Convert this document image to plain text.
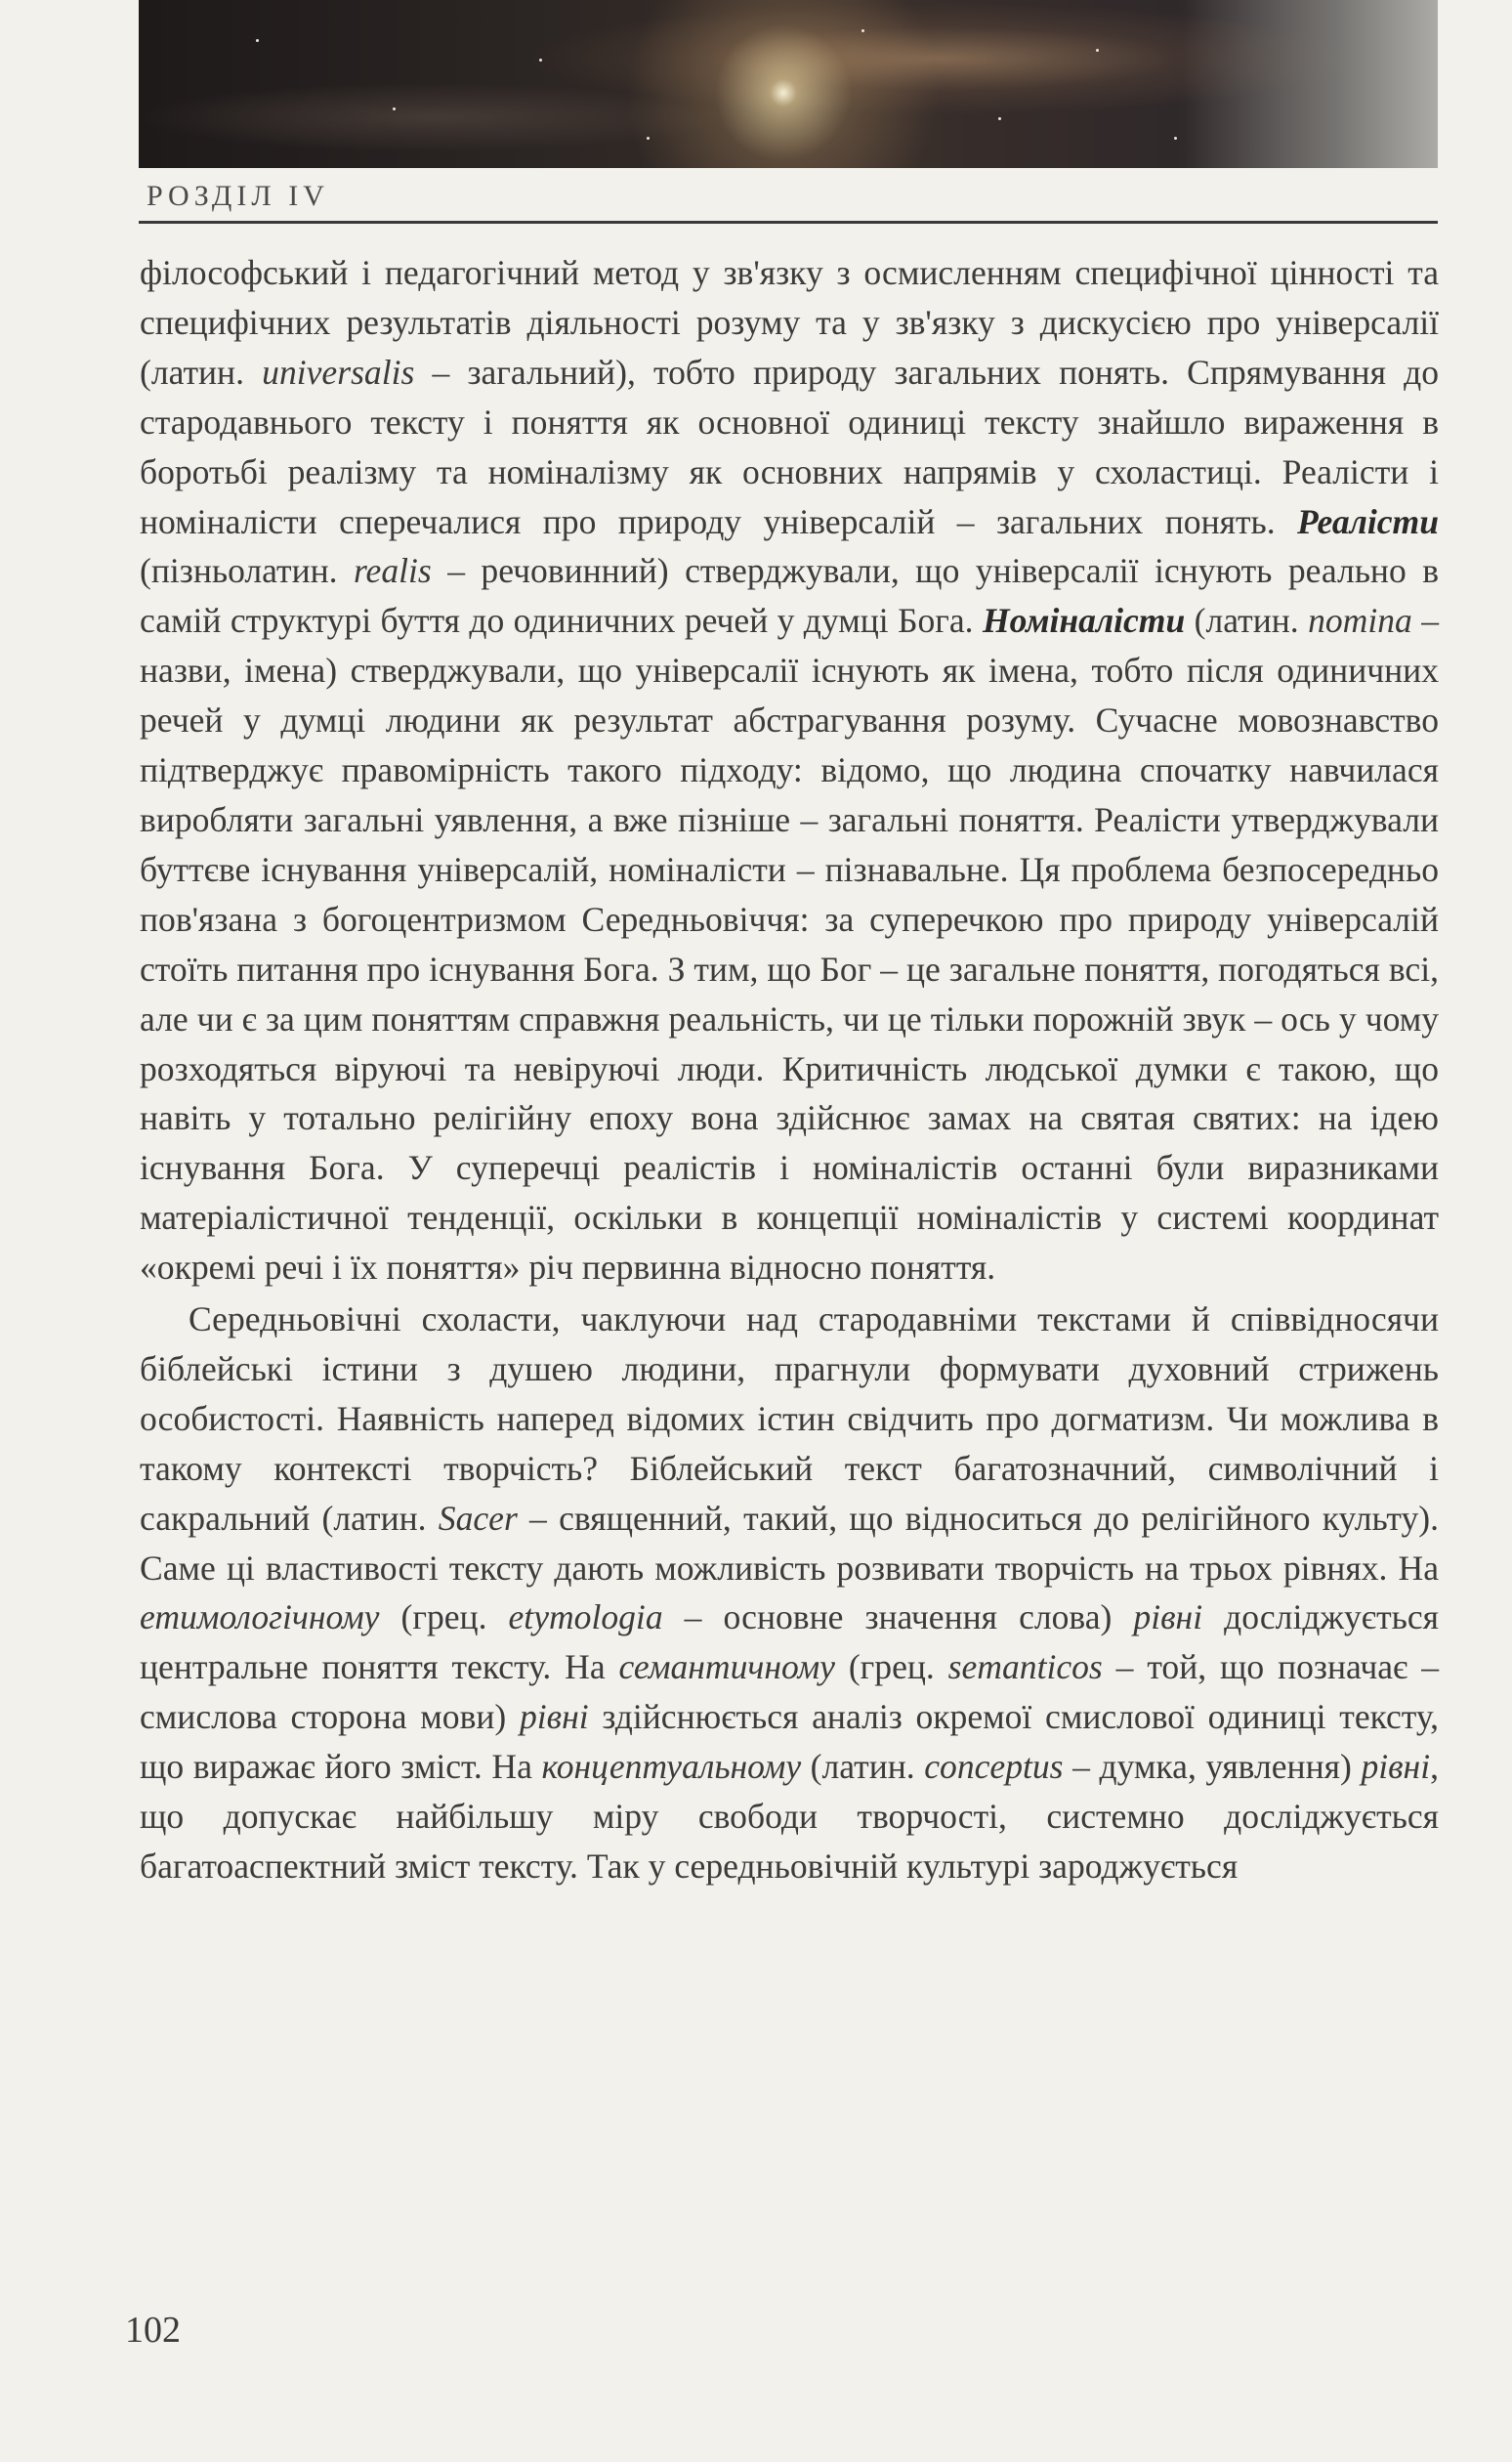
РОЗДІЛ IV

філософський і педагогічний метод у зв'язку з осмисленням специфічної цінності та специфічних результатів діяльності розуму та у зв'язку з дискусією про універсалії (латин. universalis – загальний), тобто природу загальних понять. Спрямування до стародавнього тексту і поняття як основної одиниці тексту знайшло вираження в боротьбі реалізму та номіналізму як основних напрямів у схоластиці. Реалісти і номіналісти сперечалися про природу універсалій – загальних понять. Реалісти (пізньолатин. realis – речовинний) стверджували, що універсалії існують реально в самій структурі буття до одиничних речей у думці Бога. Номіналісти (латин. nomina – назви, імена) стверджували, що універсалії існують як імена, тобто після одиничних речей у думці людини як результат абстрагування розуму. Сучасне мовознавство підтверджує правомірність такого підходу: відомо, що людина спочатку навчилася виробляти загальні уявлення, а вже пізніше – загальні поняття. Реалісти утверджували буттєве існування універсалій, номіналісти – пізнавальне. Ця проблема безпосередньо пов'язана з богоцентризмом Середньовіччя: за суперечкою про природу універсалій стоїть питання про існування Бога. З тим, що Бог – це загальне поняття, погодяться всі, але чи є за цим поняттям справжня реальність, чи це тільки порожній звук – ось у чому розходяться віруючі та невіруючі люди. Критичність людської думки є такою, що навіть у тотально релігійну епоху вона здійснює замах на святая святих: на ідею існування Бога. У суперечці реалістів і номіналістів останні були виразниками матеріалістичної тенденції, оскільки в концепції номіналістів у системі координат «окремі речі і їх поняття» річ первинна відносно поняття.

Середньовічні схоласти, чаклуючи над стародавніми текстами й співвідносячи біблейські істини з душею людини, прагнули формувати духовний стрижень особистості. Наявність наперед відомих істин свідчить про догматизм. Чи можлива в такому контексті творчість? Біблейський текст багатозначний, символічний і сакральний (латин. Sacer – священний, такий, що відноситься до релігійного культу). Саме ці властивості тексту дають можливість розвивати творчість на трьох рівнях. На етимологічному (грец. etymologia – основне значення слова) рівні досліджується центральне поняття тексту. На семантичному (грец. semanticos – той, що позначає – смислова сторона мови) рівні здійснюється аналіз окремої смислової одиниці тексту, що виражає його зміст. На концептуальному (латин. conceptus – думка, уявлення) рівні, що допускає найбільшу міру свободи творчості, системно досліджується багатоаспектний зміст тексту. Так у середньовічній культурі зароджується

102
